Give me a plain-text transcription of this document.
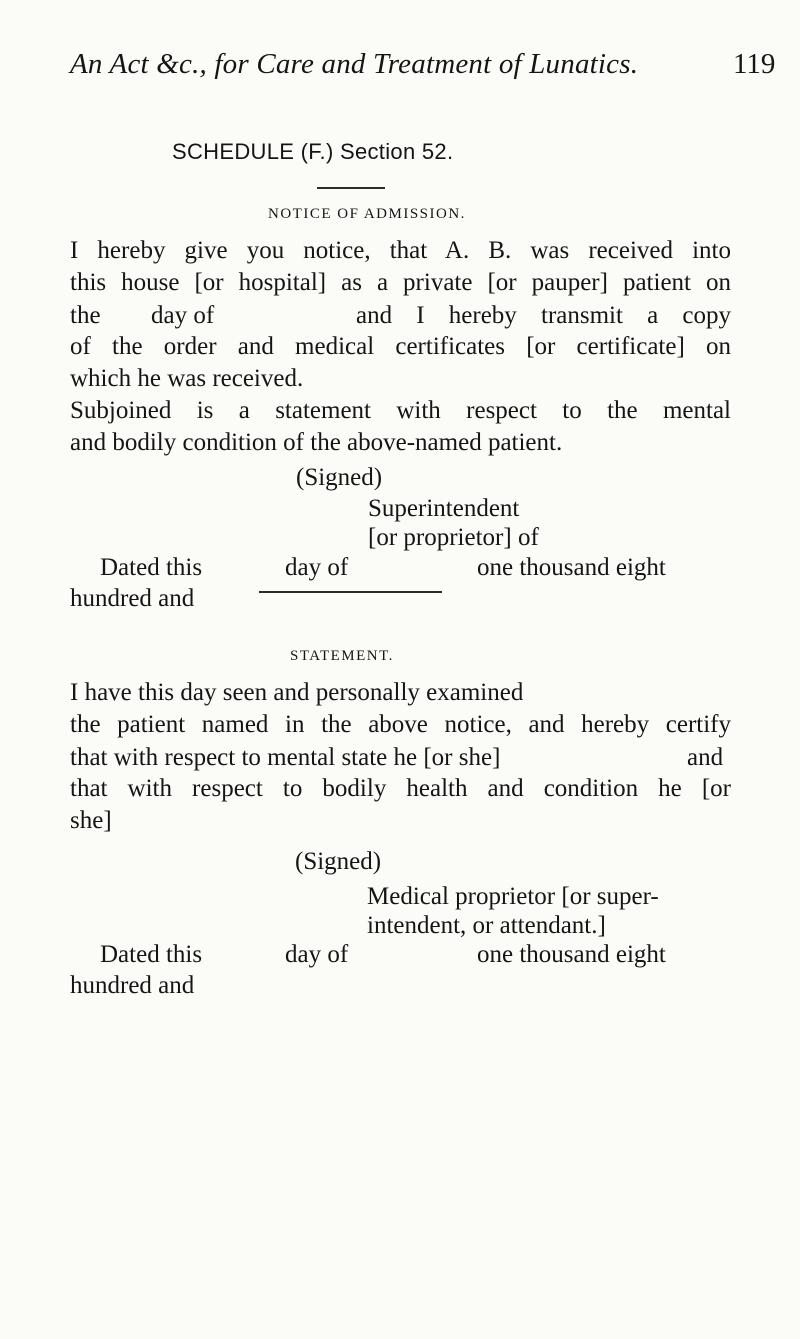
An Act &c., for Care and Treatment of Lunatics.	119
SCHEDULE (F.) Section 52.
NOTICE OF ADMISSION.
I hereby give you notice, that A. B. was received into
this house [or hospital] as a private [or pauper] patient on
the day of	and I hereby transmit a copy
of the order and medical certificates [or certificate] on
which he was received.
Subjoined is a statement with respect to the mental
and bodily condition of the above-named patient.
(Signed)
Superintendent
[or proprietor] of
Dated this	day of	one thousand eight
hundred and
STATEMENT.
I have this day seen and personally examined
the patient named in the above notice, and hereby certify
that with respect to mental state he [or she]	and
that with respect to bodily health and condition he [or
she]
(Signed)
Medical proprietor [or super-
intendent, or attendant.]
Dated this	day of	one thousand eight
hundred and
